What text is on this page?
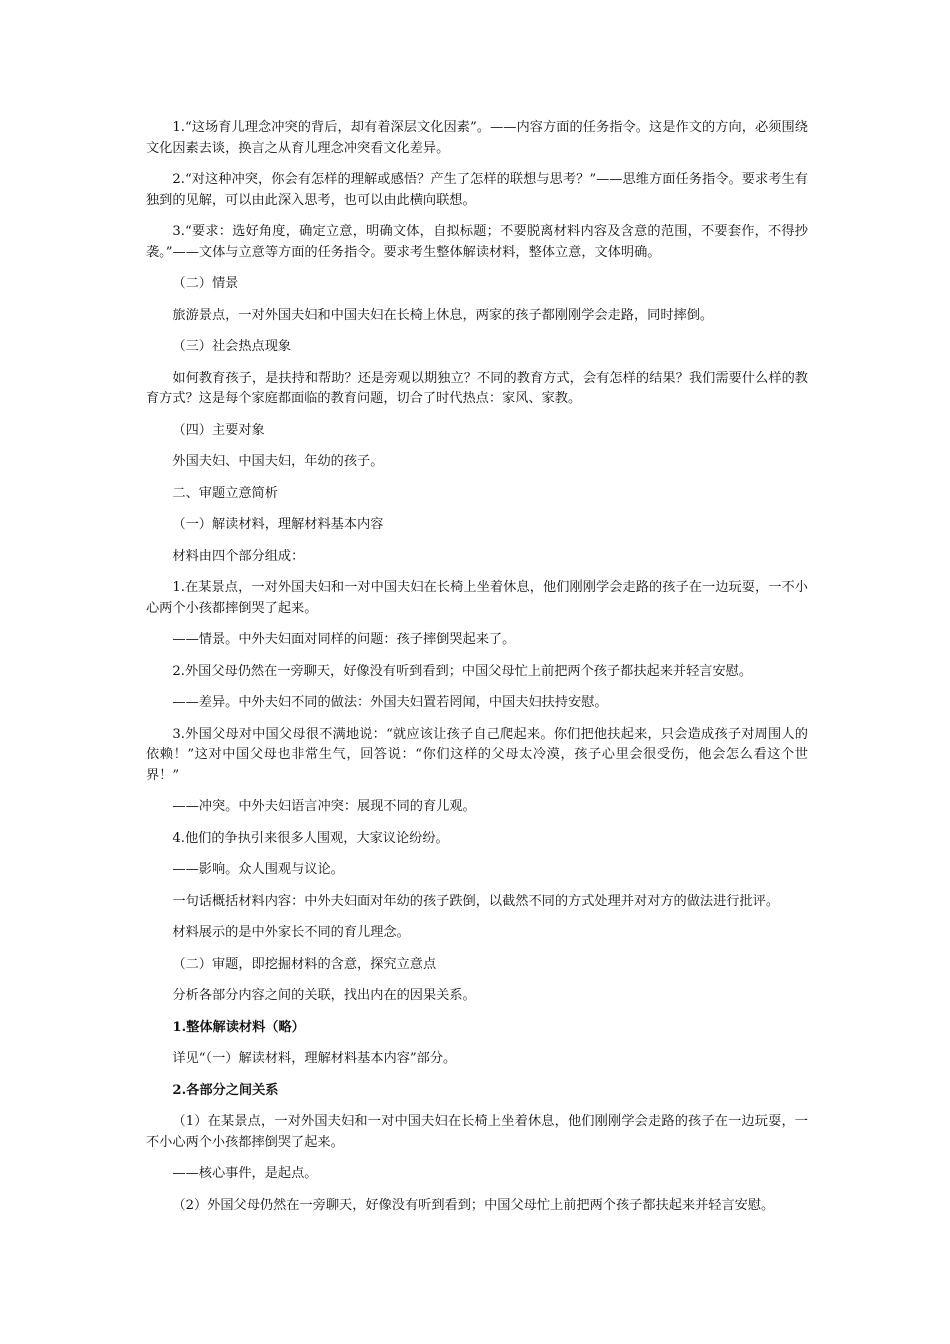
1.“这场育儿理念冲突的背后，却有着深层文化因素”。——内容方面的任务指令。这是作文的方向，必须围绕文化因素去谈，换言之从育儿理念冲突看文化差异。

2.“对这种冲突，你会有怎样的理解或感悟？产生了怎样的联想与思考？”——思维方面任务指令。要求考生有独到的见解，可以由此深入思考，也可以由此横向联想。

3.“要求：选好角度，确定立意，明确文体，自拟标题；不要脱离材料内容及含意的范围，不要套作，不得抄袭。”——文体与立意等方面的任务指令。要求考生整体解读材料，整体立意，文体明确。

（二）情景

旅游景点，一对外国夫妇和中国夫妇在长椅上休息，两家的孩子都刚刚学会走路，同时摔倒。

（三）社会热点现象

如何教育孩子，是扶持和帮助？还是旁观以期独立？不同的教育方式，会有怎样的结果？我们需要什么样的教育方式？这是每个家庭都面临的教育问题，切合了时代热点：家风、家教。

（四）主要对象

外国夫妇、中国夫妇，年幼的孩子。

二、审题立意简析

（一）解读材料，理解材料基本内容

材料由四个部分组成：

1.在某景点，一对外国夫妇和一对中国夫妇在长椅上坐着休息，他们刚刚学会走路的孩子在一边玩耍，一不小心两个小孩都摔倒哭了起来。

——情景。中外夫妇面对同样的问题：孩子摔倒哭起来了。

2.外国父母仍然在一旁聊天，好像没有听到看到；中国父母忙上前把两个孩子都扶起来并轻言安慰。

——差异。中外夫妇不同的做法：外国夫妇置若罔闻，中国夫妇扶持安慰。

3.外国父母对中国父母很不满地说：“就应该让孩子自己爬起来。你们把他扶起来，只会造成孩子对周围人的依赖！”这对中国父母也非常生气，回答说：“你们这样的父母太冷漠，孩子心里会很受伤，他会怎么看这个世界！”

——冲突。中外夫妇语言冲突：展现不同的育儿观。

4.他们的争执引来很多人围观，大家议论纷纷。

——影响。众人围观与议论。

一句话概括材料内容：中外夫妇面对年幼的孩子跌倒，以截然不同的方式处理并对对方的做法进行批评。

材料展示的是中外家长不同的育儿理念。

（二）审题，即挖掘材料的含意，探究立意点

分析各部分内容之间的关联，找出内在的因果关系。

1.整体解读材料（略）

详见“（一）解读材料，理解材料基本内容”部分。

2.各部分之间关系

（1）在某景点，一对外国夫妇和一对中国夫妇在长椅上坐着休息，他们刚刚学会走路的孩子在一边玩耍，一不小心两个小孩都摔倒哭了起来。

——核心事件，是起点。

（2）外国父母仍然在一旁聊天，好像没有听到看到；中国父母忙上前把两个孩子都扶起来并轻言安慰。
